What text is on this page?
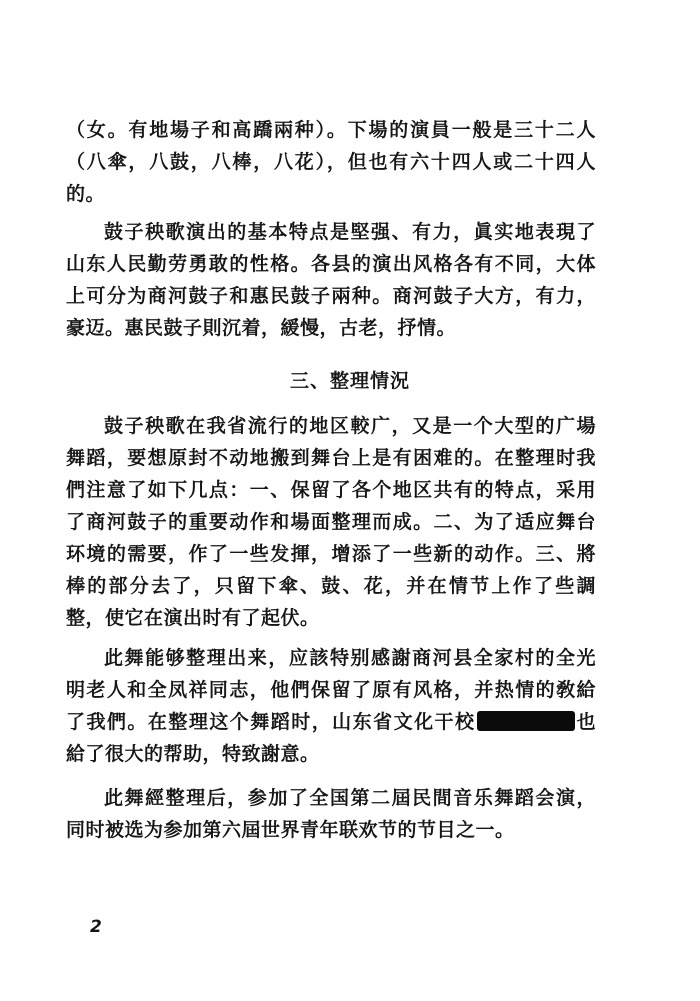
（女。有地場子和高蹻兩种）。下場的演員一般是三十二人
（八傘，八鼓，八棒，八花），但也有六十四人或二十四人
的。
鼓子秧歌演出的基本特点是堅强、有力，眞实地表現了
山东人民勤劳勇敢的性格。各县的演出风格各有不同，大体
上可分为商河鼓子和惠民鼓子兩种。商河鼓子大方，有力，
豪迈。惠民鼓子則沉着，緩慢，古老，抒情。
三、整理情況
鼓子秧歌在我省流行的地区較广，又是一个大型的广場
舞蹈，要想原封不动地搬到舞台上是有困难的。在整理时我
們注意了如下几点：一、保留了各个地区共有的特点，采用
了商河鼓子的重要动作和場面整理而成。二、为了适应舞台
环境的需要，作了一些发揮，增添了一些新的动作。三、將
棒的部分去了，只留下傘、鼓、花，并在情节上作了些調
整，使它在演出时有了起伏。
此舞能够整理出来，应該特别感謝商河县全家村的全光
明老人和全凤祥同志，他們保留了原有风格，并热情的敎給
了我們。在整理这个舞蹈时，山东省文化干校	也
給了很大的帮助，特致謝意。
此舞經整理后，参加了全国第二屆民間音乐舞蹈会演，
同时被选为参加第六屆世界青年联欢节的节目之一。
2
